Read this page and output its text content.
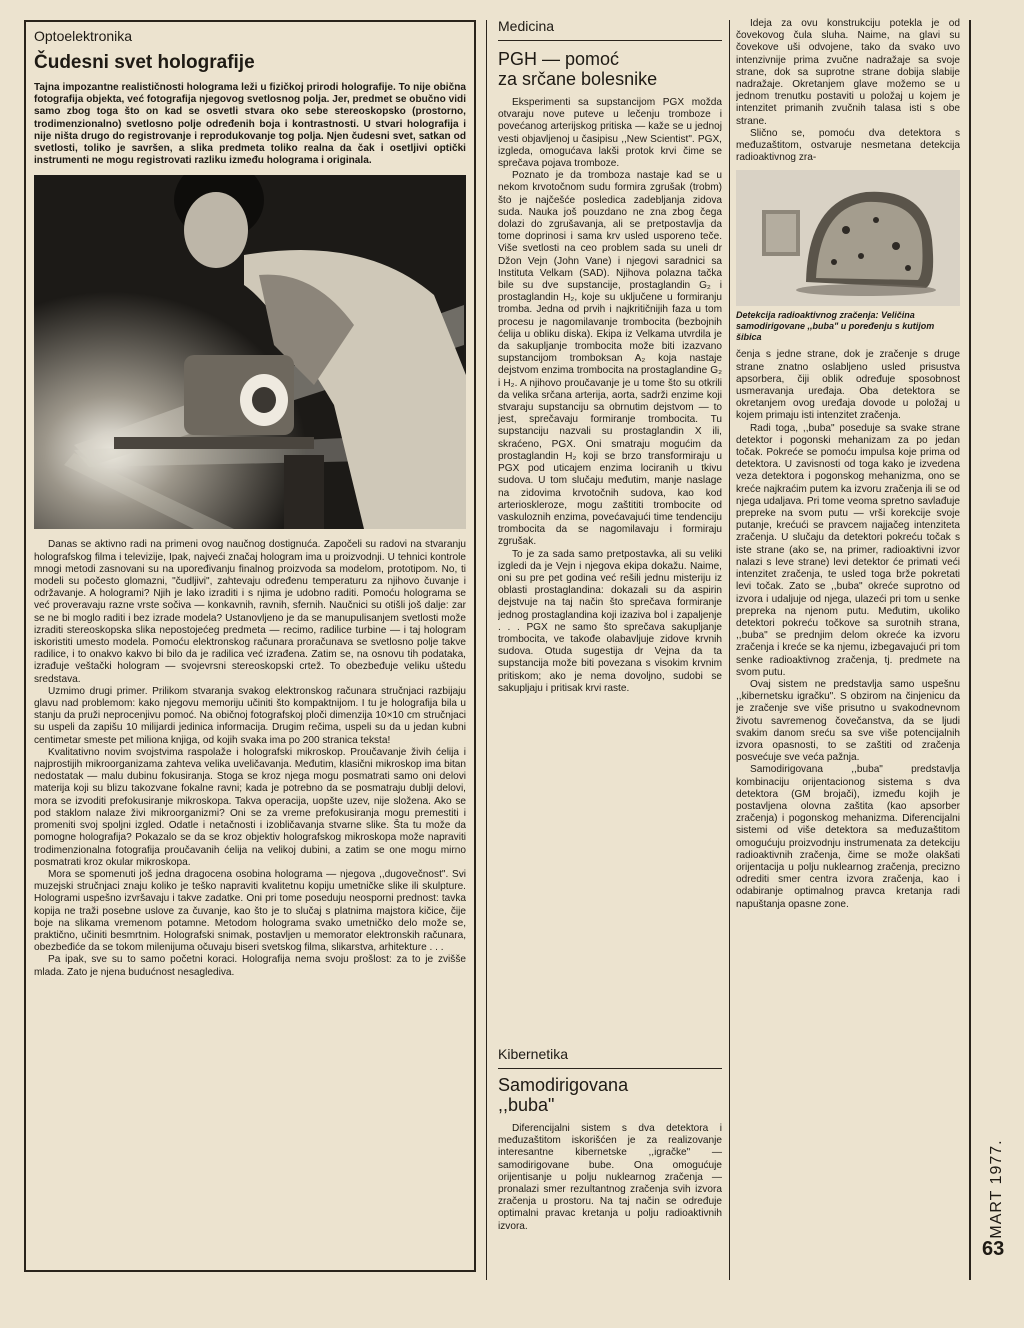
Optoelektronika
Čudesni svet holografije

Tajna impozantne realističnosti holograma leži u fizičkoj prirodi holografije. To nije obična fotografija objekta, već fotografija njegovog svetlosnog polja. Jer, predmet se obučno vidi samo zbog toga što on kad se osvetli stvara oko sebe stereoskopsko (prostorno, trodimenzionalno) svetlosno polje određenih boja i kontrastnosti. U stvari holografija i nije ništa drugo do registrovanje i reprodukovanje tog polja. Njen čudesni svet, satkan od svetlosti, toliko je savršen, a slika predmeta toliko realna da čak i osetljivi optički instrumenti ne mogu registrovati razliku između holograma i originala.

Danas se aktivno radi na primeni ovog naučnog dostignuća. Započeli su radovi na stvaranju holografskog filma i televizije, Ipak, najveći značaj hologram ima u proizvodnji. U tehnici kontrole mnogi metodi zasnovani su na upoređivanju finalnog proizvoda sa modelom, prototipom. No, ti modeli su počesto glomazni, "čudljivi", zahtevaju određenu temperaturu za njihovo čuvanje i održavanje. A hologrami? Njih je lako izraditi i s njima je udobno raditi. Pomoću holograma se već proveravaju razne vrste sočiva — konkavnih, ravnih, sfernih. Naučnici su otišli još dalje: zar se ne bi moglo raditi i bez izrade modela? Ustanovljeno je da se manupulisanjem svetlosti može izraditi stereoskopska slika nepostojećeg predmeta — recimo, radilice turbine — i taj hologram iskoristiti umesto modela. Pomoću elektronskog računara proračunava se svetlosno polje takve radilice, i to onakvo kakvo bi bilo da je radilica već izrađena. Zatim se, na osnovu tih podataka, izrađuje veštački hologram — svojevrsni stereoskopski crtež. To obezbeđuje veliku uštedu sredstava.

Uzmimo drugi primer. Prilikom stvaranja svakog elektronskog računara stručnjaci razbijaju glavu nad problemom: kako njegovu memoriju učiniti što kompaktnijom. I tu je holografija bila u stanju da pruži neprocenjivu pomoć. Na običnoj fotografskoj ploči dimenzija 10×10 cm stručnjaci su uspeli da zapišu 10 milijardi jedinica informacija. Drugim rečima, uspeli su da u jedan kubni centimetar smeste pet miliona knjiga, od kojih svaka ima po 200 stranica teksta!

Kvalitativno novim svojstvima raspolaže i holografski mikroskop. Proučavanje živih ćelija i najprostijih mikroorganizama zahteva velika uveličavanja. Međutim, klasični mikroskop ima bitan nedostatak — malu dubinu fokusiranja. Stoga se kroz njega mogu posmatrati samo oni delovi materija koji su blizu takozvane fokalne ravni; kada je potrebno da se posmatraju dublji delovi, mora se izvoditi prefokusiranje mikroskopa. Takva operacija, uopšte uzev, nije složena. Ako se pod staklom nalaze živi mikroorganizmi? Oni se za vreme prefokusiranja mogu premestiti i promeniti svoj spoljni izgled. Odatle i netačnosti i izobličavanja stvarne slike. Šta tu može da pomogne holografija? Pokazalo se da se kroz objektiv holografskog mikroskopa može napraviti trodimenzionalna fotografija proučavanih ćelija na velikoj dubini, a zatim se one mogu mirno posmatrati kroz okular mikroskopa.

Mora se spomenuti još jedna dragocena osobina holograma — njegova ,,dugovečnost". Svi muzejski stručnjaci znaju koliko je teško napraviti kvalitetnu kopiju umetničke slike ili skulpture. Hologrami uspešno izvršavaju i takve zadatke. Oni pri tome poseduju neosporni prednost: tavka kopija ne traži posebne uslove za čuvanje, kao što je to slučaj s platnima majstora kičice, čije boje na slikama vremenom potamne. Metodom holograma svako umetničko delo može se, praktično, učiniti besmrtnim. Holografski snimak, postavljen u memorator elektronskih računara, obezbeđiće da se tokom milenijuma očuvaju biseri svetskog filma, slikarstva, arhitekture . . .

Pa ipak, sve su to samo početni koraci. Holografija nema svoju prošlost: za to je zvišše mlada. Zato je njena budućnost nesagledivа.

Medicina
PGH — pomoć
za srčane bolesnike

Eksperimenti sa supstancijom PGX možda otvaraju nove puteve u lečenju tromboze i povećanog arterijskog pritiska — kaže se u jednoj vesti objavljenoj u časipisu ,,New Scientist". PGX, izgleda, omogućava lakši protok krvi čime se sprečava pojava tromboze.

Poznato je da tromboza nastaje kad se u nekom krvotočnom sudu formira zgrušak (trobm) što je najčešće posledica zadebljanja zidova suda. Nauka još pouzdano ne zna zbog čega dolazi do zgrušavanja, ali se pretpostavlja da tome doprinosi i sama krv usled usporeno teče. Više svetlosti na ceo problem sada su uneli dr Džon Vejn (John Vane) i njegovi saradnici sa Instituta Velkam (SAD). Njihova polazna tačka bile su dve supstancije, prostaglandin G₂ i prostaglandin H₂, koje su uključene u formiranju tromba. Jedna od prvih i najkritičnijih faza u tom procesu je nagomilavanje trombocita (bezbojnih ćelija u obliku diska). Ekipa iz Velkama utvrdila je da sakupljanje trombocita može biti izazvano supstancijom tromboksan A₂ koja nastaje dejstvom enzima trombocita na prostaglandine G₂ i H₂. A njihovo proučavanje je u tome što su otkrili da velika srčana arterija, aorta, sadrži enzime koji stvaraju supstanciju sa obrnutim dejstvom — to jest, sprečavaju formiranje trombocita. Tu supstanciju nazvali su prostaglandin X ili, skraćeno, PGX. Oni smatraju mogućim da prostaglandin H₂ koji se brzo transformiraju u PGX pod uticajem enzima lociranih u tkivu sudova. U tom slučaju međutim, manje naslage na zidovima krvotočnih sudova, kao kod arterioskleroze, mogu zaštititi trombocite od vaskuloznih enzima, povećavajući time tendenciju trombocita da se nagomilavaju i formiraju zgrušak.

To je za sada samo pretpostavka, ali su veliki izgledi da je Vejn i njegova ekipa dokažu. Naime, oni su pre pet godina već rešili jednu misteriju iz oblasti prostaglandina: dokazali su da aspirin dejstvuje na taj način što sprečava formiranje jednog prostaglandina koji izaziva bol i zapaljenje . . . PGX ne samo što sprečava sakupljanje trombocita, ve takođe olabavljuje zidove krvnih sudova. Otuda sugestija dr Vejna da ta supstancija može biti povezana s visokim krvnim pritiskom; ako je nema dovoljno, sudobi se sakupljaju i pritisak krvi raste.

Kibernetika
Samodirigovana
,,buba"

Diferencijalni sistem s dva detektora i međuzaštitom iskorišćen je za realizovanje interesantne kibernetske ,,igračke" — samodirigovane bube. Ona omogućuje orijentisanje u polju nuklearnog zračenja — pronalazi smer rezultantnog zračenja svih izvora zračenja u prostoru. Na taj način se određuje optimalni pravac kretanja u polju radioaktivnih izvora.

Ideja za ovu konstrukciju potekla je od čovekovog čula sluha. Naime, na glavi su čovekove uši odvojene, tako da svako uvo intenzivnije prima zvučne nadražaje sa svoje strane, dok sa suprotne strane dobija slabije nadražaje. Okretanjem glave možemo se u jednom trenutku postaviti u položaj u kojem je intenzitet primanih zvučnih talasa isti s obe strane.

Slično se, pomoću dva detektora s međuzaštitom, ostvaruje nesmetana detekcija radioaktivnog zra-

Detekcija radioaktivnog zračenja: Veličina samodirigovane ,,buba" u poređenju s kutijom šibica

čenja s jedne strane, dok je zračenje s druge strane znatno oslabljeno usled prisustva apsorbera, čiji oblik određuje sposobnost usmeravanja uređaja. Oba detektora se okretanjem ovog uređaja dovode u položaj u kojem primaju isti intenzitet zračenja.

Radi toga, ,,buba" poseduje sa svake strane detektor i pogonski mehanizam za po jedan točak. Pokreće se pomoću impulsa koje prima od detektora. U zavisnosti od toga kako je izvedena veza detektora i pogonskog mehanizma, ono se kreće najkraćim putem ka izvoru zračenja ili se od njega udaljava. Pri tome veoma spretno savlađuje prepreke na svom putu — vrši korekcije svoje putanje, krećući se pravcem najjačeg intenziteta zračenja. U slučaju da detektori pokreću točak s iste strane (ako se, na primer, radioaktivni izvor nalazi s leve strane) levi detektor će primati veći intenzitet zračenja, te usled toga brže pokretati levi točak. Zato se ,,buba" okreće suprotno od izvora i udaljuje od njega, ulazeći pri tom u senke prepreka na njenom putu. Međutim, ukoliko detektori pokreću točkove sa surotnih strana, ,,buba" se prednjim delom okreće ka izvoru zračenja i kreće se ka njemu, izbegavajući pri tom senke radioaktivnog zračenja, tj. predmete na svom putu.

Ovaj sistem ne predstavlja samo uspešnu ,,kibernetsku igračku". S obzirom na činjenicu da je zračenje sve više prisutno u svakodnevnom životu savremenog čovečanstva, da se ljudi svakim danom sreću sa sve više potencijalnih izvora opasnosti, to se zaštiti od zračenja posvećuje sve veća pažnja.

Samodirigovana ,,buba" predstavlja kombinaciju orijentacionog sistema s dva detektora (GM brojači), između kojih je postavljena olovna zaštita (kao apsorber zračenja) i pogonskog mehanizma. Diferencijalni sistemi od više detektora sa međuzaštitom omogućuju proizvodnju instrumenata za detekciju radioaktivnih zračenja, čime se može olakšati orijentacija u polju nuklearnog zračenja, precizno odrediti smer centra izvora zračenja, kao i odabiranje optimalnog pravca kretanja radi napuštanja opasne zone.

MART 1977.
63
